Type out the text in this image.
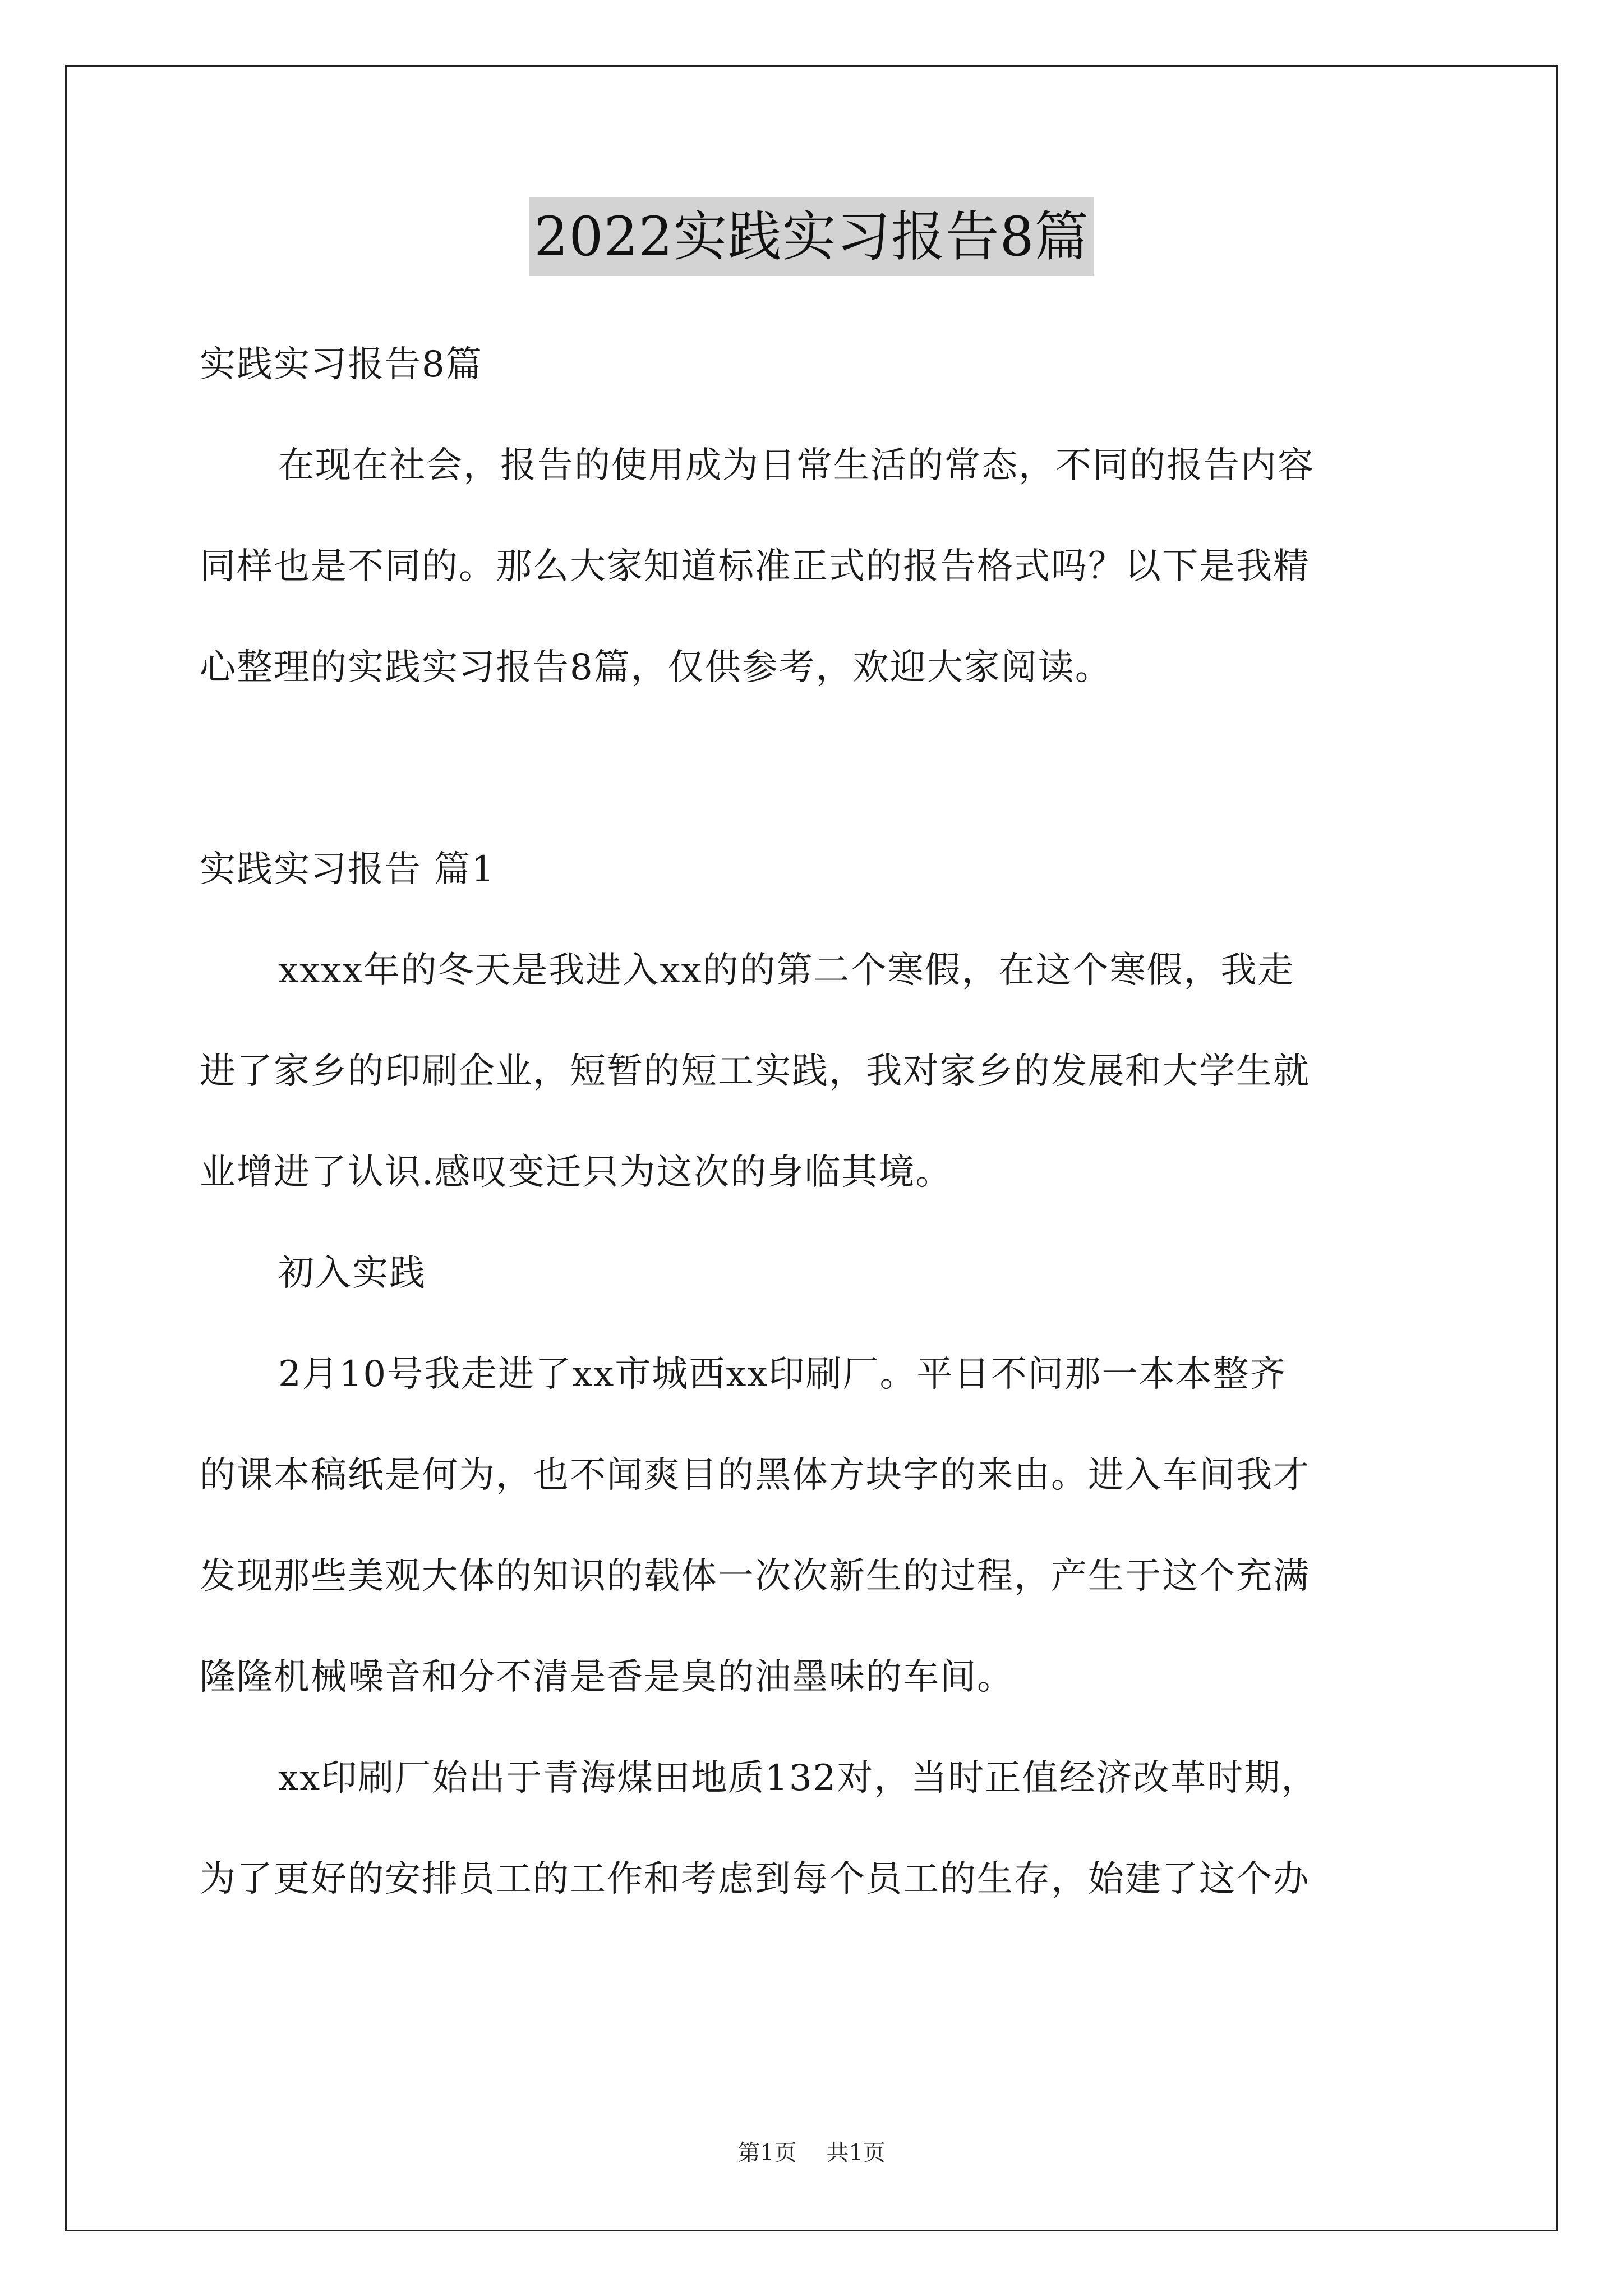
2022实践实习报告8篇
实践实习报告8篇
在现在社会，报告的使用成为日常生活的常态，不同的报告内容
同样也是不同的。那么大家知道标准正式的报告格式吗？以下是我精
心整理的实践实习报告8篇，仅供参考，欢迎大家阅读。
实践实习报告 篇1
xxxx年的冬天是我进入xx的的第二个寒假，在这个寒假，我走
进了家乡的印刷企业，短暂的短工实践，我对家乡的发展和大学生就
业增进了认识.感叹变迁只为这次的身临其境。
初入实践
2月10号我走进了xx市城西xx印刷厂。平日不问那一本本整齐
的课本稿纸是何为，也不闻爽目的黑体方块字的来由。进入车间我才
发现那些美观大体的知识的载体一次次新生的过程，产生于这个充满
隆隆机械噪音和分不清是香是臭的油墨味的车间。
xx印刷厂始出于青海煤田地质132对，当时正值经济改革时期，
为了更好的安排员工的工作和考虑到每个员工的生存，始建了这个办
第1页 共1页
